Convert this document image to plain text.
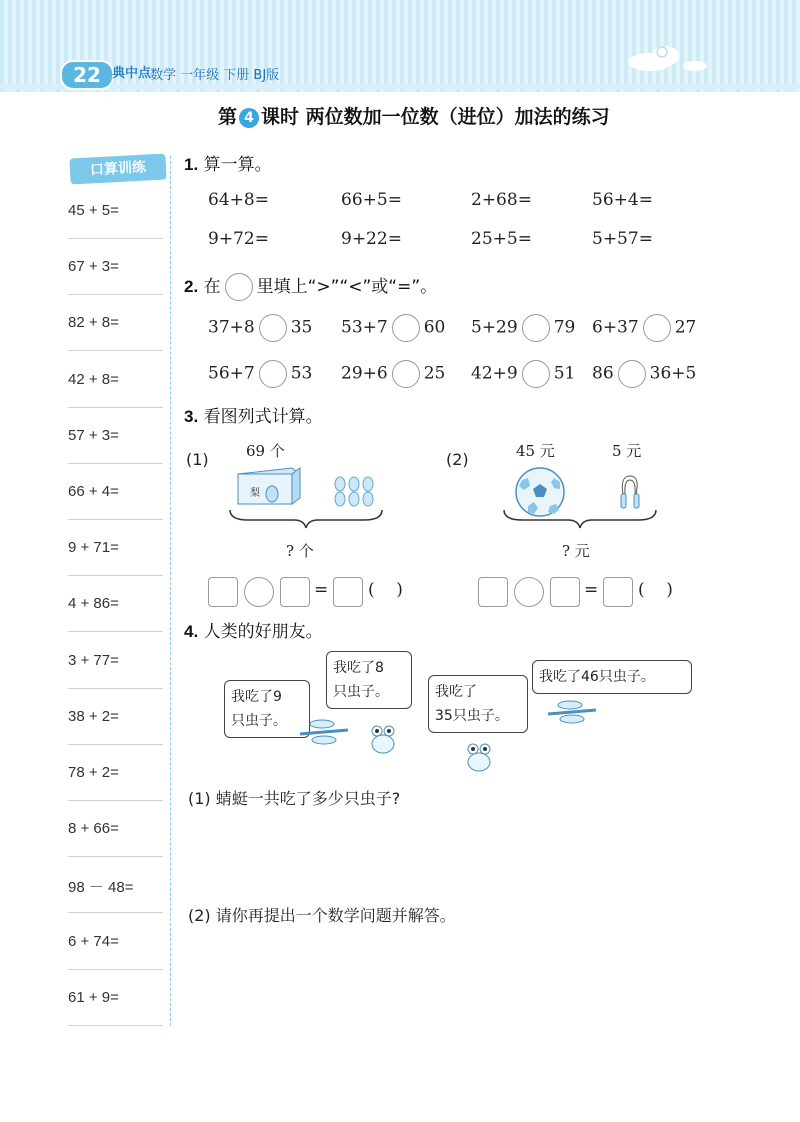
22 典中点
数学 一年级 下册 BJ版
第 4 课时 两位数加一位数（进位）加法的练习
口算训练
45 + 5=
67 + 3=
82 + 8=
42 + 8=
57 + 3=
66 + 4=
9 + 71=
4 + 86=
3 + 77=
38 + 2=
78 + 2=
8 + 66=
98 － 48=
6 + 74=
61 + 9=
1. 算一算。
64+8=	66+5=	2+68=	56+4=
9+72=	9+22=	25+5=	5+57=
2. 在 里填上“>”“<”或“=”。
37+8 35 53+7 60 5+29 79 6+37 27
56+7 53 29+6 25 42+9 51 86 36+5
3. 看图列式计算。
(1) 69 个
梨
? 个
= (    )
(2)	45 元	5 元
? 元
= (    )
4. 人类的好朋友。
我吃了9
只虫子。
我吃了8
只虫子。	我吃了
35只虫子。
我吃了46只虫子。
(1) 蜻蜓一共吃了多少只虫子?
(2) 请你再提出一个数学问题并解答。
